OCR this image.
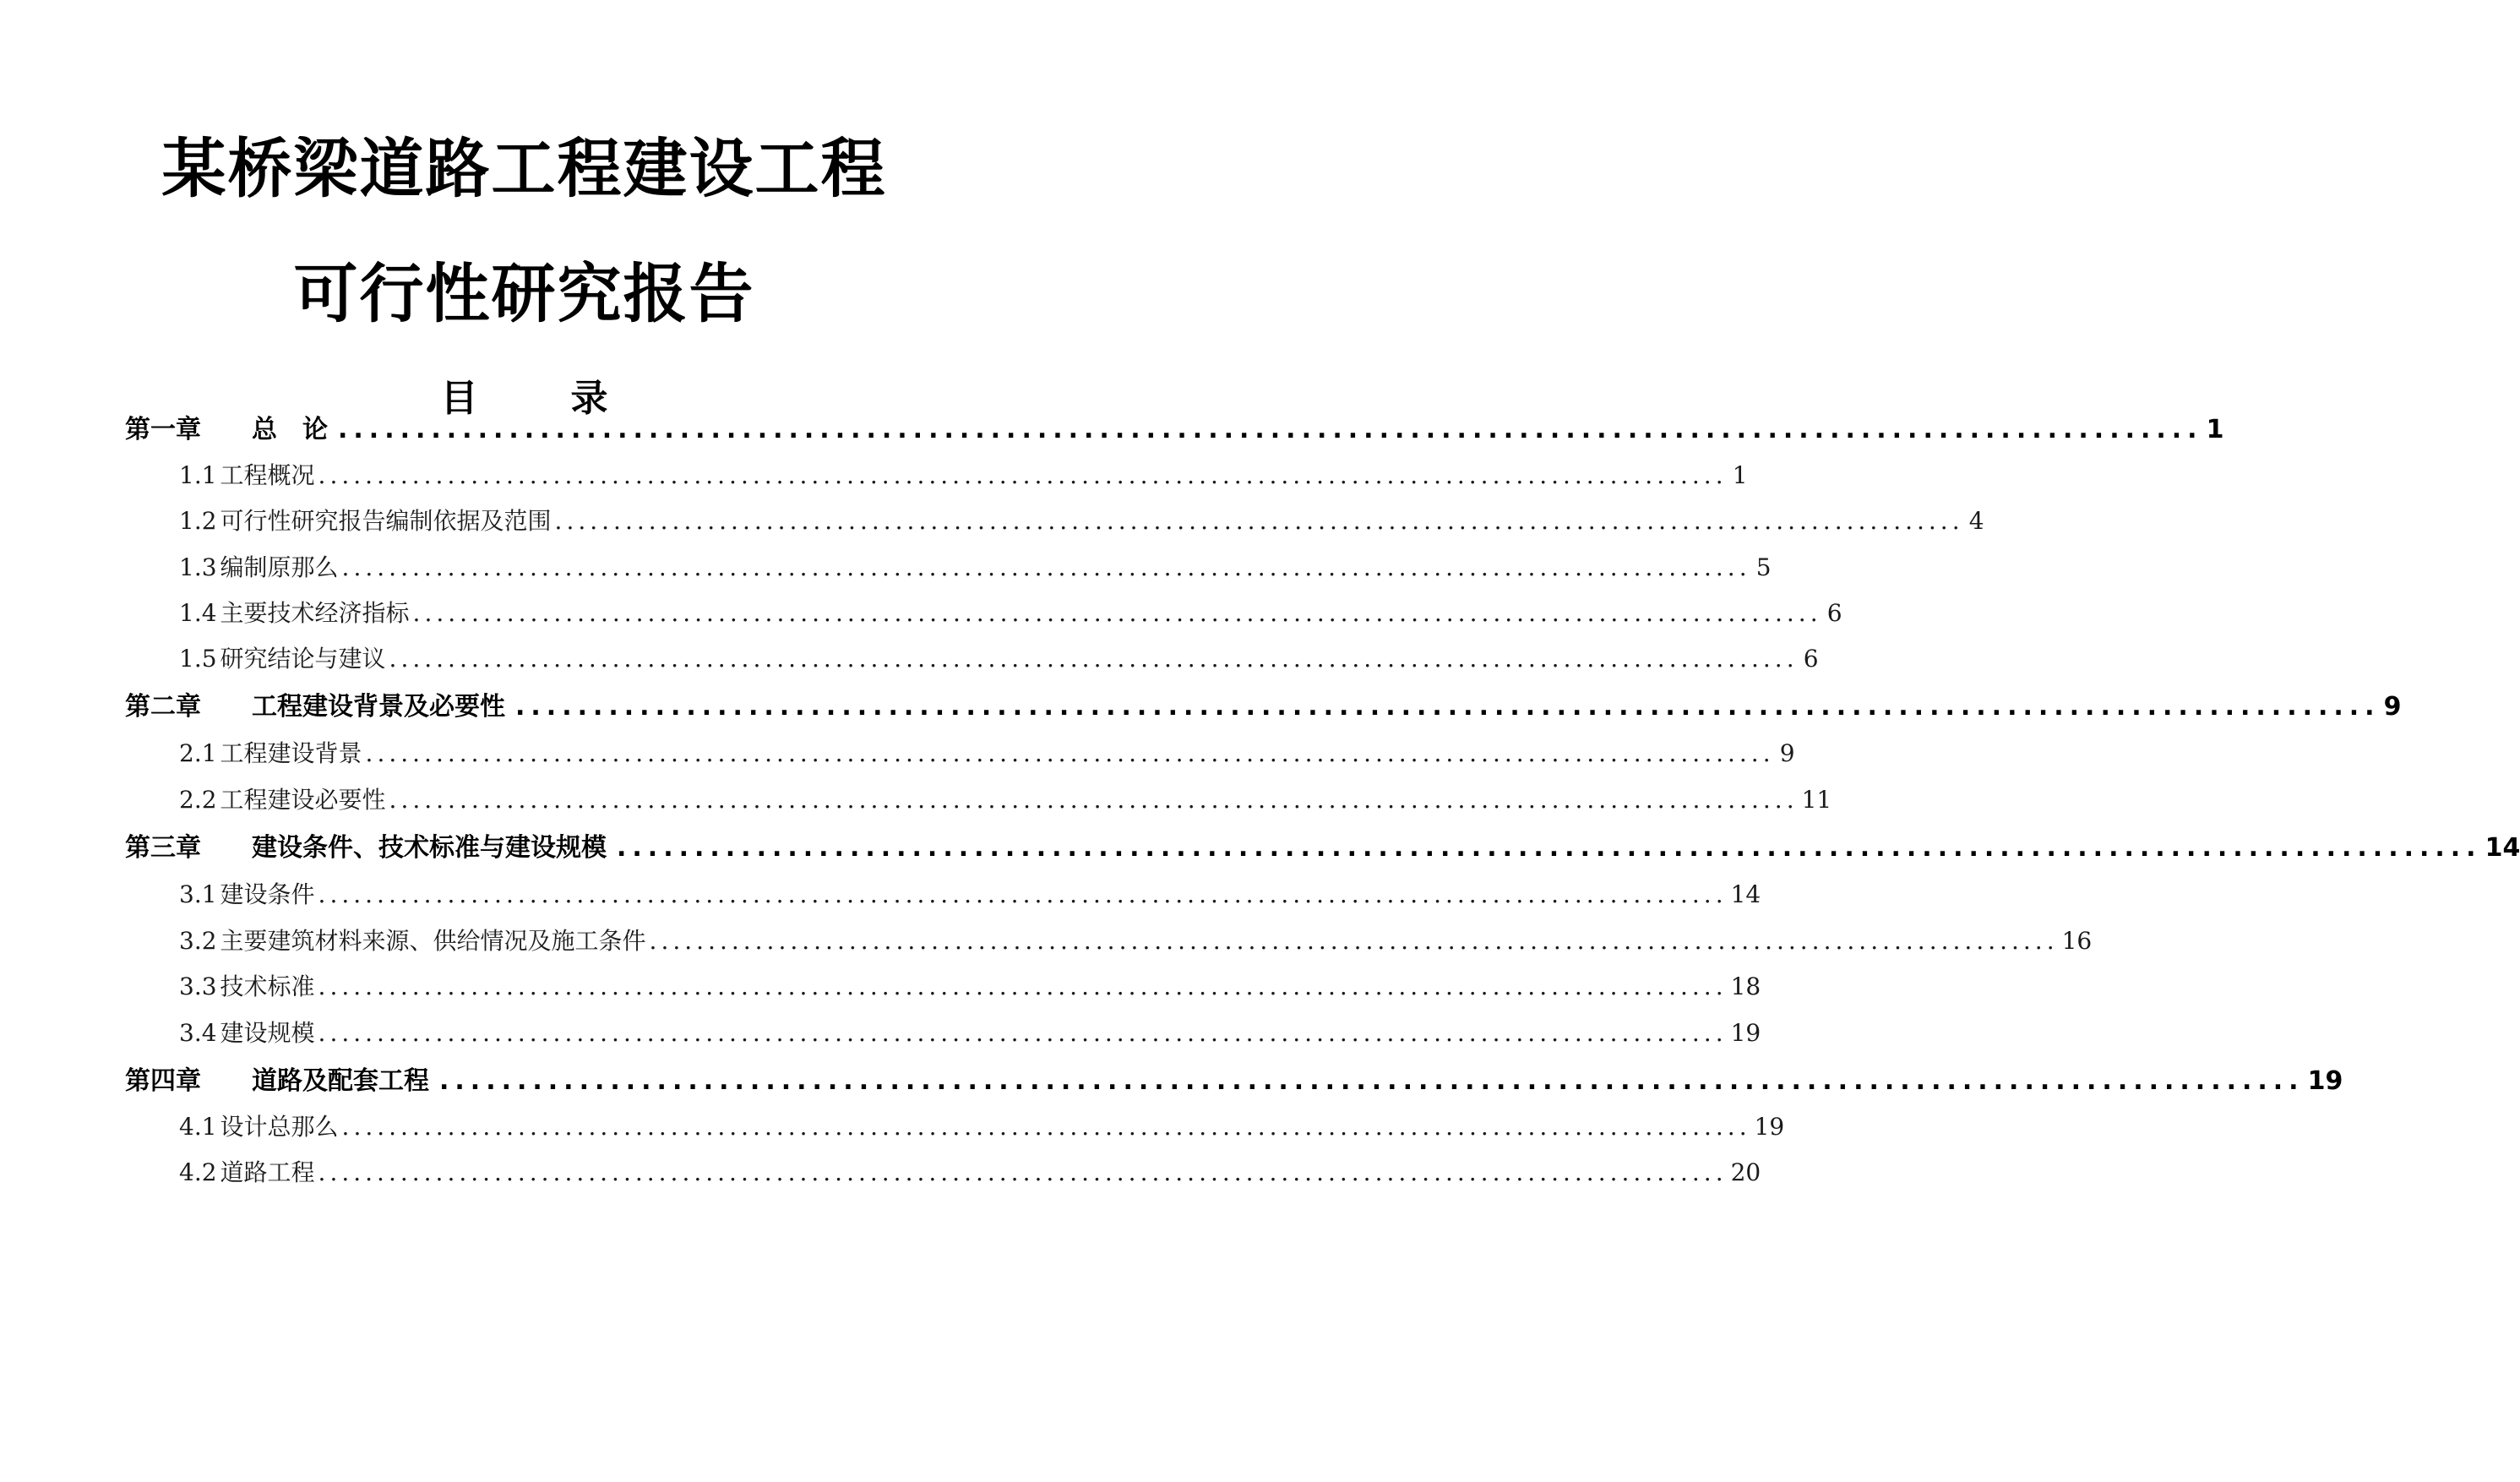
某桥梁道路工程建设工程
可行性研究报告
目	录
第一章	总　论 ........................................................................................................................ 1
1.1 工程概况 ........................................................................................................................ 1
1.2 可行性研究报告编制依据及范围 ........................................................................................................................ 4
1.3 编制原那么 ........................................................................................................................ 5
1.4 主要技术经济指标 ........................................................................................................................ 6
1.5 研究结论与建议 ........................................................................................................................ 6
第二章	工程建设背景及必要性 ........................................................................................................................ 9
2.1 工程建设背景 ........................................................................................................................ 9
2.2 工程建设必要性 ........................................................................................................................ 11
第三章	建设条件、技术标准与建设规模 ........................................................................................................................ 14
3.1 建设条件 ........................................................................................................................ 14
3.2 主要建筑材料来源、供给情况及施工条件 ........................................................................................................................ 16
3.3 技术标准 ........................................................................................................................ 18
3.4 建设规模 ........................................................................................................................ 19
第四章	道路及配套工程 ........................................................................................................................ 19
4.1 设计总那么 ........................................................................................................................ 19
4.2 道路工程 ........................................................................................................................ 20
